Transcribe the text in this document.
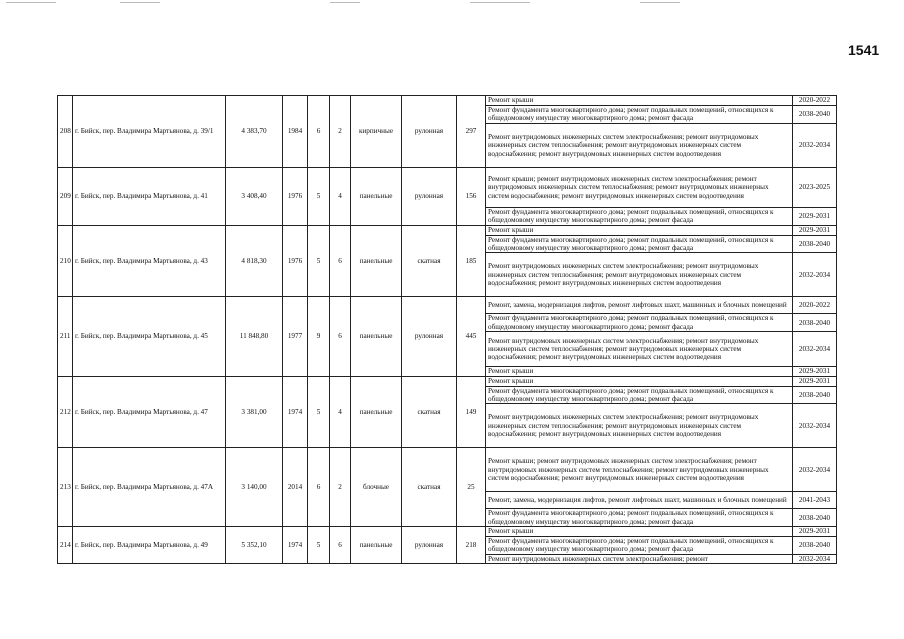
1541
208	г. Бийск, пер. Владимира Мартьянова, д. 39/1	4 383,70	1984	6	2	кирпичные	рулонная	297	Ремонт крыши	2020-2022
									Ремонт фундамента многоквартирного дома; ремонт подвальных помещений, относящихся к общедомовому имуществу многоквартирного дома; ремонт фасада	2038-2040
									Ремонт внутридомовых инженерных систем электроснабжения; ремонт внутридомовых инженерных систем теплоснабжения; ремонт внутридомовых инженерных систем водоснабжения; ремонт внутридомовых инженерных систем водоотведения	2032-2034
209	г. Бийск, пер. Владимира Мартьянова, д. 41	3 408,40	1976	5	4	панельные	рулонная	156	Ремонт крыши; ремонт внутридомовых инженерных систем электроснабжения; ремонт внутридомовых инженерных систем теплоснабжения; ремонт внутридомовых инженерных систем водоснабжения; ремонт внутридомовых инженерных систем водоотведения	2023-2025
									Ремонт фундамента многоквартирного дома; ремонт подвальных помещений, относящихся к общедомовому имуществу многоквартирного дома; ремонт фасада	2029-2031
210	г. Бийск, пер. Владимира Мартьянова, д. 43	4 818,30	1976	5	6	панельные	скатная	185	Ремонт крыши	2029-2031
									Ремонт фундамента многоквартирного дома; ремонт подвальных помещений, относящихся к общедомовому имуществу многоквартирного дома; ремонт фасада	2038-2040
									Ремонт внутридомовых инженерных систем электроснабжения; ремонт внутридомовых инженерных систем теплоснабжения; ремонт внутридомовых инженерных систем водоснабжения; ремонт внутридомовых инженерных систем водоотведения	2032-2034
211	г. Бийск, пер. Владимира Мартьянова, д. 45	11 848,80	1977	9	6	панельные	рулонная	445	Ремонт, замена, модернизация лифтов, ремонт лифтовых шахт, машинных и блочных помещений	2020-2022
									Ремонт фундамента многоквартирного дома; ремонт подвальных помещений, относящихся к общедомовому имуществу многоквартирного дома; ремонт фасада	2038-2040
									Ремонт внутридомовых инженерных систем электроснабжения; ремонт внутридомовых инженерных систем теплоснабжения; ремонт внутридомовых инженерных систем водоснабжения; ремонт внутридомовых инженерных систем водоотведения	2032-2034
									Ремонт крыши	2029-2031
212	г. Бийск, пер. Владимира Мартьянова, д. 47	3 381,00	1974	5	4	панельные	скатная	149	Ремонт крыши	2029-2031
									Ремонт фундамента многоквартирного дома; ремонт подвальных помещений, относящихся к общедомовому имуществу многоквартирного дома; ремонт фасада	2038-2040
									Ремонт внутридомовых инженерных систем электроснабжения; ремонт внутридомовых инженерных систем теплоснабжения; ремонт внутридомовых инженерных систем водоснабжения; ремонт внутридомовых инженерных систем водоотведения	2032-2034
213	г. Бийск, пер. Владимира Мартьянова, д. 47А	3 140,00	2014	6	2	блочные	скатная	25	Ремонт крыши; ремонт внутридомовых инженерных систем электроснабжения; ремонт внутридомовых инженерных систем теплоснабжения; ремонт внутридомовых инженерных систем водоснабжения; ремонт внутридомовых инженерных систем водоотведения	2032-2034
									Ремонт, замена, модернизация лифтов, ремонт лифтовых шахт, машинных и блочных помещений	2041-2043
									Ремонт фундамента многоквартирного дома; ремонт подвальных помещений, относящихся к общедомовому имуществу многоквартирного дома; ремонт фасада	2038-2040
214	г. Бийск, пер. Владимира Мартьянова, д. 49	5 352,10	1974	5	6	панельные	рулонная	218	Ремонт крыши	2029-2031
									Ремонт фундамента многоквартирного дома; ремонт подвальных помещений, относящихся к общедомовому имуществу многоквартирного дома; ремонт фасада	2038-2040
									Ремонт внутридомовых инженерных систем электроснабжения; ремонт	2032-2034
